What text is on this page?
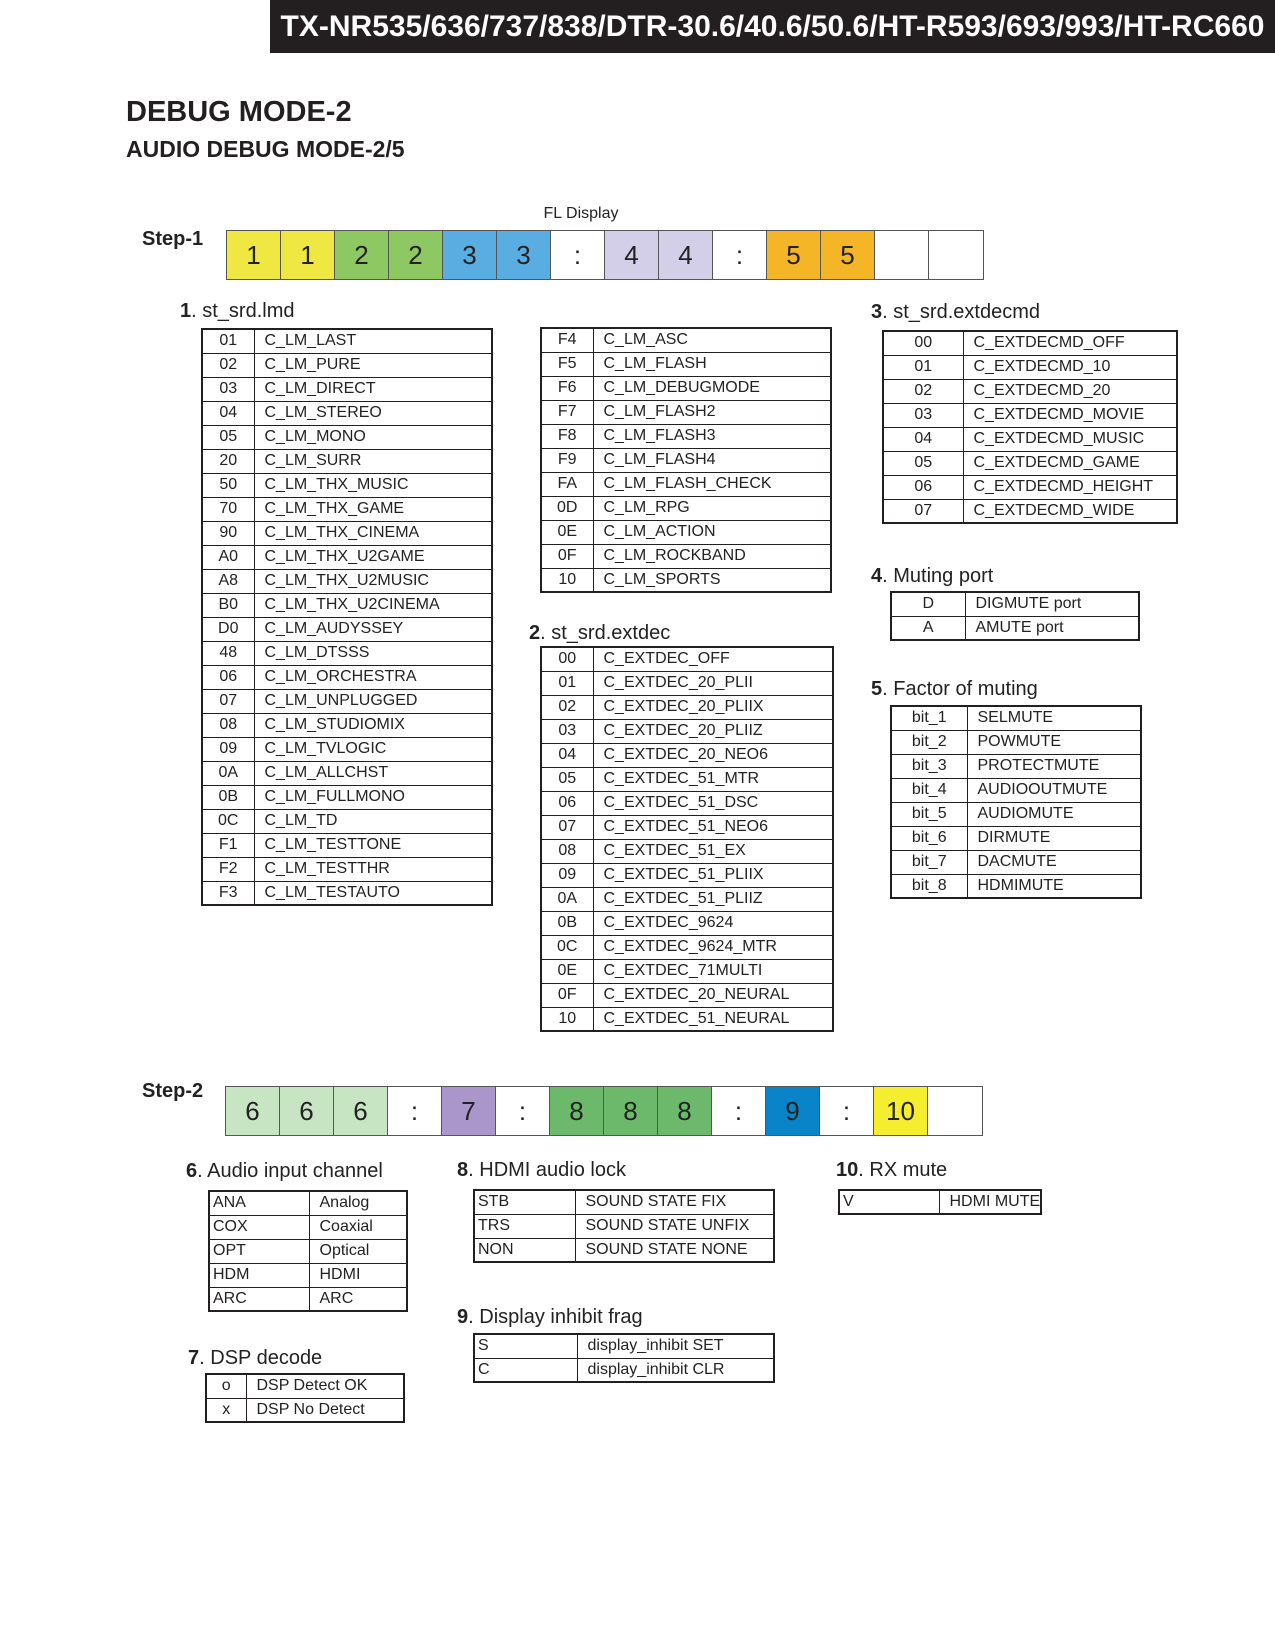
TX-NR535/636/737/838/DTR-30.6/40.6/50.6/HT-R593/693/993/HT-RC660
DEBUG MODE-2
AUDIO DEBUG MODE-2/5
FL Display
Step-1
1	1	2	2	3	3	:	4	4	:	5	5
1. st_srd.lmd
2. st_srd.extdec
3. st_srd.extdecmd
4. Muting port
5. Factor of muting
01	C_LM_LAST
02	C_LM_PURE
03	C_LM_DIRECT
04	C_LM_STEREO
05	C_LM_MONO
20	C_LM_SURR
50	C_LM_THX_MUSIC
70	C_LM_THX_GAME
90	C_LM_THX_CINEMA
A0	C_LM_THX_U2GAME
A8	C_LM_THX_U2MUSIC
B0	C_LM_THX_U2CINEMA
D0	C_LM_AUDYSSEY
48	C_LM_DTSSS
06	C_LM_ORCHESTRA
07	C_LM_UNPLUGGED
08	C_LM_STUDIOMIX
09	C_LM_TVLOGIC
0A	C_LM_ALLCHST
0B	C_LM_FULLMONO
0C	C_LM_TD
F1	C_LM_TESTTONE
F2	C_LM_TESTTHR
F3	C_LM_TESTAUTO
F4	C_LM_ASC
F5	C_LM_FLASH
F6	C_LM_DEBUGMODE
F7	C_LM_FLASH2
F8	C_LM_FLASH3
F9	C_LM_FLASH4
FA	C_LM_FLASH_CHECK
0D	C_LM_RPG
0E	C_LM_ACTION
0F	C_LM_ROCKBAND
10	C_LM_SPORTS
00	C_EXTDEC_OFF
01	C_EXTDEC_20_PLII
02	C_EXTDEC_20_PLIIX
03	C_EXTDEC_20_PLIIZ
04	C_EXTDEC_20_NEO6
05	C_EXTDEC_51_MTR
06	C_EXTDEC_51_DSC
07	C_EXTDEC_51_NEO6
08	C_EXTDEC_51_EX
09	C_EXTDEC_51_PLIIX
0A	C_EXTDEC_51_PLIIZ
0B	C_EXTDEC_9624
0C	C_EXTDEC_9624_MTR
0E	C_EXTDEC_71MULTI
0F	C_EXTDEC_20_NEURAL
10	C_EXTDEC_51_NEURAL
00	C_EXTDECMD_OFF
01	C_EXTDECMD_10
02	C_EXTDECMD_20
03	C_EXTDECMD_MOVIE
04	C_EXTDECMD_MUSIC
05	C_EXTDECMD_GAME
06	C_EXTDECMD_HEIGHT
07	C_EXTDECMD_WIDE
D	DIGMUTE port
A	AMUTE port
bit_1	SELMUTE
bit_2	POWMUTE
bit_3	PROTECTMUTE
bit_4	AUDIOOUTMUTE
bit_5	AUDIOMUTE
bit_6	DIRMUTE
bit_7	DACMUTE
bit_8	HDMIMUTE
Step-2
6	6	6	:	7	:	8	8	8	:	9	:	10
6. Audio input channel
7. DSP decode
8. HDMI audio lock
9. Display inhibit frag
10. RX mute
ANA	Analog
COX	Coaxial
OPT	Optical
HDM	HDMI
ARC	ARC
o	DSP Detect OK
x	DSP No Detect
STB	SOUND STATE FIX
TRS	SOUND STATE UNFIX
NON	SOUND STATE NONE
S	display_inhibit SET
C	display_inhibit CLR
V	HDMI MUTE
